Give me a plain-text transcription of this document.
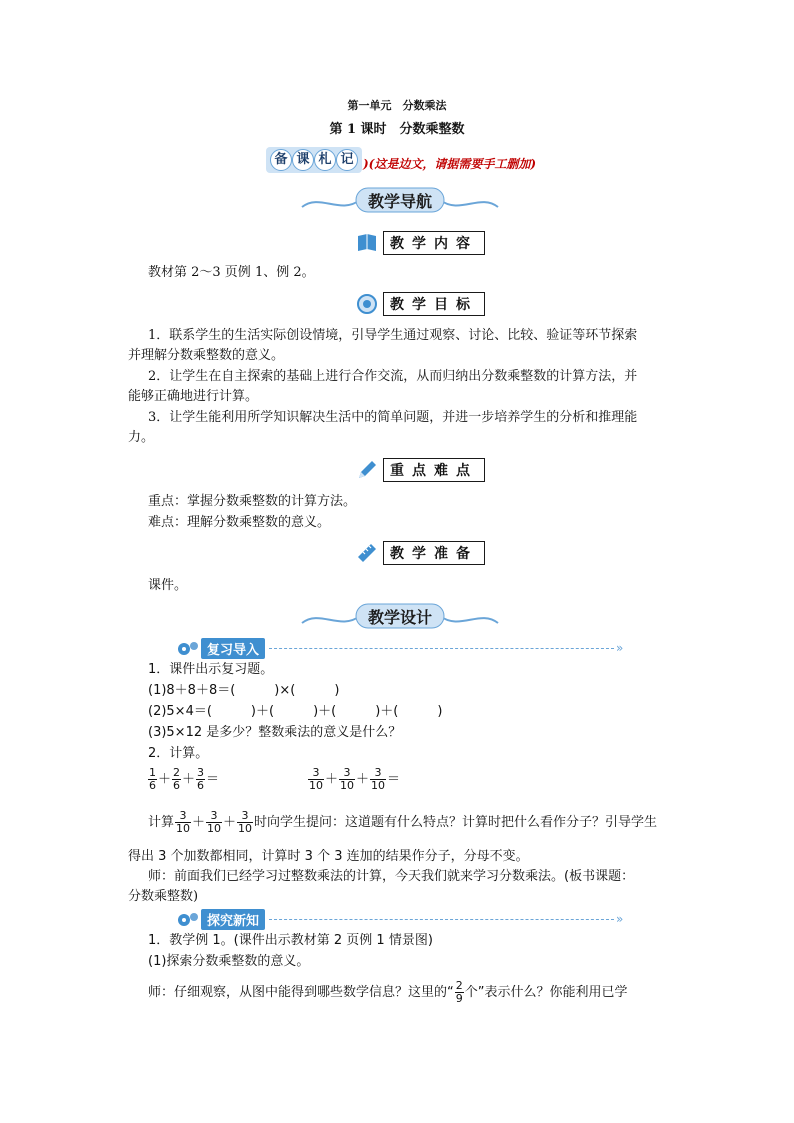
第一单元　分数乘法
第 1 课时　分数乘整数
备 课 札 记 )(这是边文，请据需要手工删加)
教学导航
教学内容
教材第 2～3 页例 1、例 2。
教学目标
1．联系学生的生活实际创设情境，引导学生通过观察、讨论、比较、验证等环节探索
并理解分数乘整数的意义。
2．让学生在自主探索的基础上进行合作交流，从而归纳出分数乘整数的计算方法，并
能够正确地进行计算。
3．让学生能利用所学知识解决生活中的简单问题，并进一步培养学生的分析和推理能
力。
重点难点
重点：掌握分数乘整数的计算方法。
难点：理解分数乘整数的意义。
教学准备
课件。
教学设计
复习导入	»
1．课件出示复习题。
(1)8＋8＋8＝(　　　)×(　　　)
(2)5×4＝(　　　)＋(　　　)＋(　　　)＋(　　　)
(3)5×12 是多少？整数乘法的意义是什么？
2．计算。
$\frac{1}{6} + \frac{2}{6} + \frac{3}{6}$ ＝	$\frac{3}{10} + \frac{3}{10} + \frac{3}{10}$ ＝
计算 $\frac{3}{10} + \frac{3}{10} + \frac{3}{10}$ 时向学生提问：这道题有什么特点？计算时把什么看作分子？引导学生
得出 3 个加数都相同，计算时 3 个 3 连加的结果作分子，分母不变。
师：前面我们已经学习过整数乘法的计算，今天我们就来学习分数乘法。(板书课题：
分数乘整数)
探究新知	»
1．教学例 1。(课件出示教材第 2 页例 1 情景图)
(1)探索分数乘整数的意义。
师：仔细观察，从图中能得到哪些数学信息？这里的“ $\frac{2}{9}$ 个”表示什么？你能利用已学
